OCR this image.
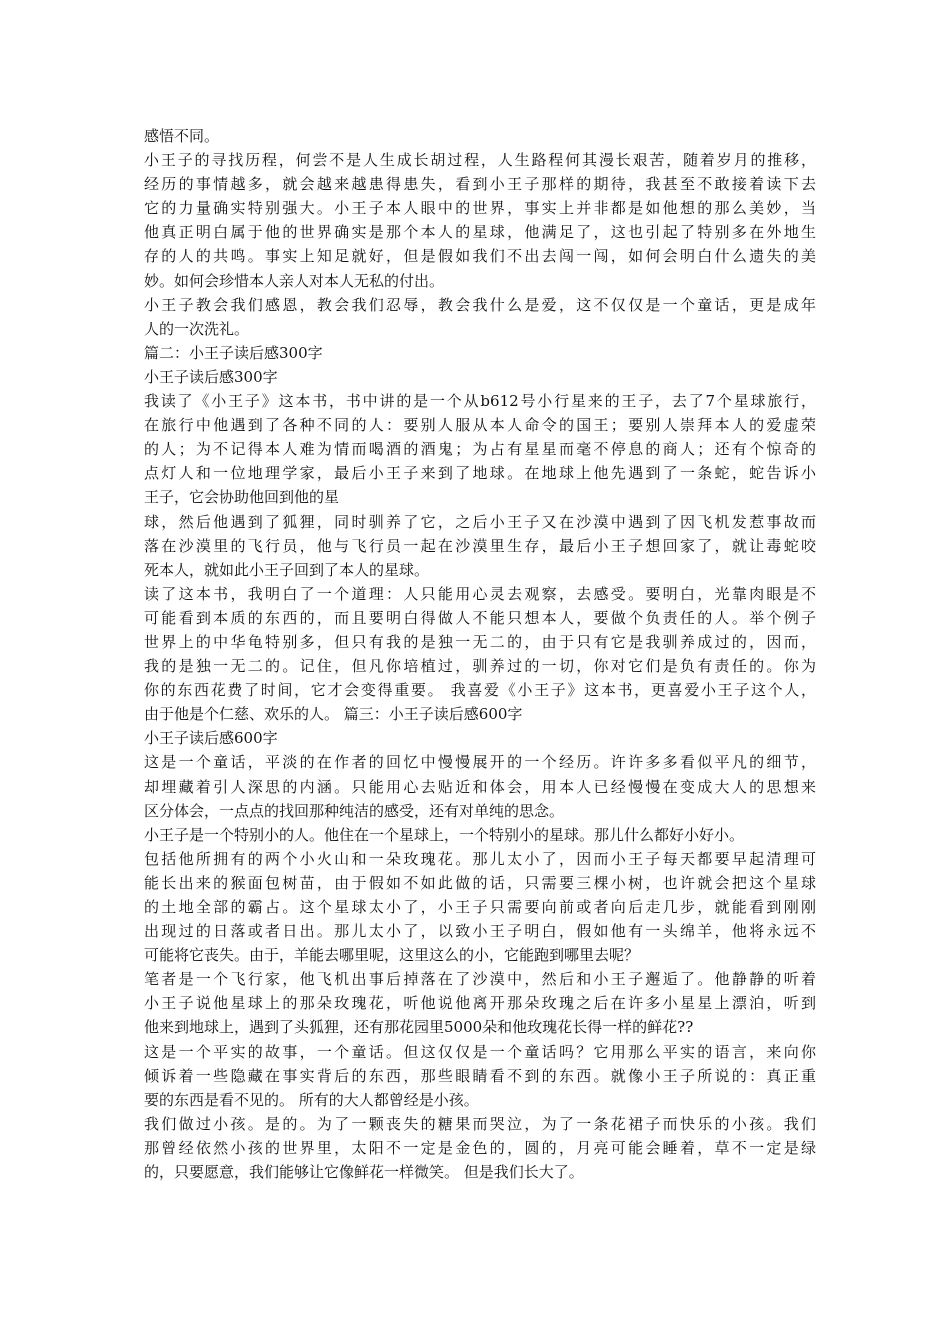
感悟不同。
小王子的寻找历程，何尝不是人生成长胡过程，人生路程何其漫长艰苦，随着岁月的推移，
经历的事情越多，就会越来越患得患失，看到小王子那样的期待，我甚至不敢接着读下去
它的力量确实特别强大。小王子本人眼中的世界，事实上并非都是如他想的那么美妙，当
他真正明白属于他的世界确实是那个本人的星球，他满足了，这也引起了特别多在外地生
存的人的共鸣。事实上知足就好，但是假如我们不出去闯一闯，如何会明白什么遗失的美
妙。如何会珍惜本人亲人对本人无私的付出。
小王子教会我们感恩，教会我们忍辱，教会我什么是爱，这不仅仅是一个童话，更是成年
人的一次洗礼。
篇二：小王子读后感300字
小王子读后感300字
我读了《小王子》这本书，书中讲的是一个从b612号小行星来的王子，去了7个星球旅行，
在旅行中他遇到了各种不同的人：要别人服从本人命令的国王；要别人崇拜本人的爱虚荣
的人；为不记得本人难为情而喝酒的酒鬼；为占有星星而毫不停息的商人；还有个惊奇的
点灯人和一位地理学家，最后小王子来到了地球。在地球上他先遇到了一条蛇，蛇告诉小
王子，它会协助他回到他的星
球，然后他遇到了狐狸，同时驯养了它，之后小王子又在沙漠中遇到了因飞机发惹事故而
落在沙漠里的飞行员，他与飞行员一起在沙漠里生存，最后小王子想回家了，就让毒蛇咬
死本人，就如此小王子回到了本人的星球。
读了这本书，我明白了一个道理：人只能用心灵去观察，去感受。要明白，光靠肉眼是不
可能看到本质的东西的，而且要明白得做人不能只想本人，要做个负责任的人。举个例子
世界上的中华龟特别多，但只有我的是独一无二的，由于只有它是我驯养成过的，因而，
我的是独一无二的。记住，但凡你培植过，驯养过的一切，你对它们是负有责任的。你为
你的东西花费了时间，它才会变得重要。 我喜爱《小王子》这本书，更喜爱小王子这个人，
由于他是个仁慈、欢乐的人。 篇三：小王子读后感600字
小王子读后感600字
这是一个童话，平淡的在作者的回忆中慢慢展开的一个经历。许许多多看似平凡的细节，
却埋藏着引人深思的内涵。只能用心去贴近和体会，用本人已经慢慢在变成大人的思想来
区分体会，一点点的找回那种纯洁的感受，还有对单纯的思念。
小王子是一个特别小的人。他住在一个星球上，一个特别小的星球。那儿什么都好小好小。
包括他所拥有的两个小火山和一朵玫瑰花。那儿太小了，因而小王子每天都要早起清理可
能长出来的猴面包树苗，由于假如不如此做的话，只需要三棵小树，也许就会把这个星球
的土地全部的霸占。这个星球太小了，小王子只需要向前或者向后走几步，就能看到刚刚
出现过的日落或者日出。那儿太小了，以致小王子明白，假如他有一头绵羊，他将永远不
可能将它丧失。由于，羊能去哪里呢，这里这么的小，它能跑到哪里去呢？
笔者是一个飞行家，他飞机出事后掉落在了沙漠中，然后和小王子邂逅了。他静静的听着
小王子说他星球上的那朵玫瑰花，听他说他离开那朵玫瑰之后在许多小星星上漂泊，听到
他来到地球上，遇到了头狐狸，还有那花园里5000朵和他玫瑰花长得一样的鲜花??
这是一个平实的故事，一个童话。但这仅仅是一个童话吗？它用那么平实的语言，来向你
倾诉着一些隐藏在事实背后的东西，那些眼睛看不到的东西。就像小王子所说的：真正重
要的东西是看不见的。 所有的大人都曾经是小孩。
我们做过小孩。是的。为了一颗丧失的糖果而哭泣，为了一条花裙子而快乐的小孩。我们
那曾经依然小孩的世界里，太阳不一定是金色的，圆的，月亮可能会睡着，草不一定是绿
的，只要愿意，我们能够让它像鲜花一样微笑。 但是我们长大了。
